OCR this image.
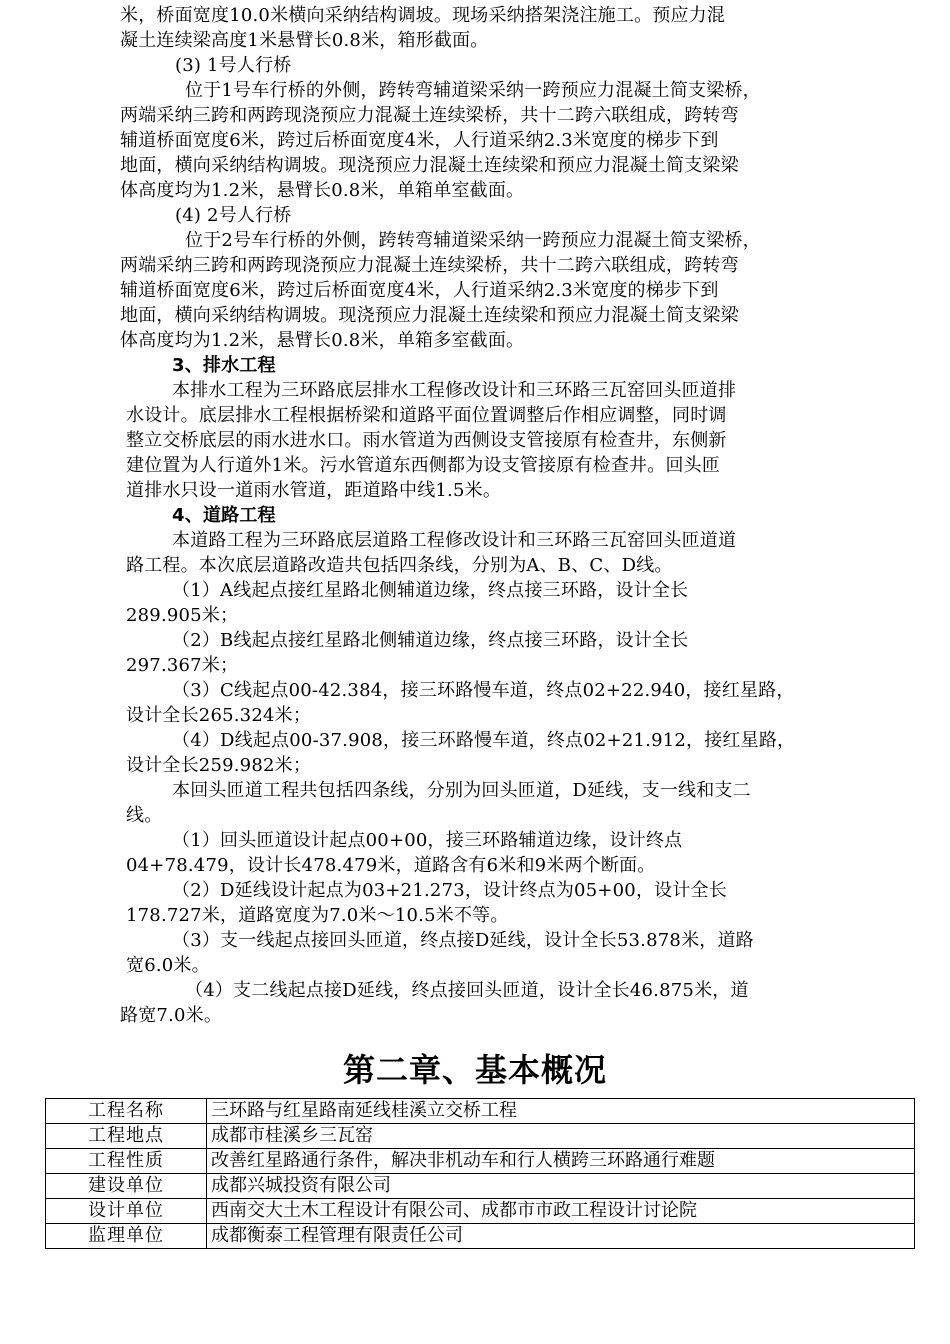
米，桥面宽度10.0米横向采纳结构调坡。现场采纳搭架浇注施工。预应力混
凝土连续梁高度1米悬臂长0.8米，箱形截面。
(3) 1号人行桥
位于1号车行桥的外侧，跨转弯辅道梁采纳一跨预应力混凝土简支梁桥，
两端采纳三跨和两跨现浇预应力混凝土连续梁桥，共十二跨六联组成，跨转弯
辅道桥面宽度6米，跨过后桥面宽度4米，人行道采纳2.3米宽度的梯步下到
地面，横向采纳结构调坡。现浇预应力混凝土连续梁和预应力混凝土简支梁梁
体高度均为1.2米，悬臂长0.8米，单箱单室截面。
(4) 2号人行桥
位于2号车行桥的外侧，跨转弯辅道梁采纳一跨预应力混凝土简支梁桥，
两端采纳三跨和两跨现浇预应力混凝土连续梁桥，共十二跨六联组成，跨转弯
辅道桥面宽度6米，跨过后桥面宽度4米，人行道采纳2.3米宽度的梯步下到
地面，横向采纳结构调坡。现浇预应力混凝土连续梁和预应力混凝土简支梁梁
体高度均为1.2米，悬臂长0.8米，单箱多室截面。
3、排水工程
本排水工程为三环路底层排水工程修改设计和三环路三瓦窑回头匝道排
水设计。底层排水工程根据桥梁和道路平面位置调整后作相应调整，同时调
整立交桥底层的雨水进水口。雨水管道为西侧设支管接原有检查井，东侧新
建位置为人行道外1米。污水管道东西侧都为设支管接原有检查井。回头匝
道排水只设一道雨水管道，距道路中线1.5米。
4、道路工程
本道路工程为三环路底层道路工程修改设计和三环路三瓦窑回头匝道道
路工程。本次底层道路改造共包括四条线，分别为A、B、C、D线。
（1）A线起点接红星路北侧辅道边缘，终点接三环路，设计全长
289.905米；
（2）B线起点接红星路北侧辅道边缘，终点接三环路，设计全长
297.367米；
（3）C线起点00-42.384，接三环路慢车道，终点02+22.940，接红星路，
设计全长265.324米；
（4）D线起点00-37.908，接三环路慢车道，终点02+21.912，接红星路，
设计全长259.982米；
本回头匝道工程共包括四条线，分别为回头匝道，D延线，支一线和支二
线。
（1）回头匝道设计起点00+00，接三环路辅道边缘，设计终点
04+78.479，设计长478.479米，道路含有6米和9米两个断面。
（2）D延线设计起点为03+21.273，设计终点为05+00，设计全长
178.727米，道路宽度为7.0米～10.5米不等。
（3）支一线起点接回头匝道，终点接D延线，设计全长53.878米，道路
宽6.0米。
（4）支二线起点接D延线，终点接回头匝道，设计全长46.875米，道
路宽7.0米。
第二章、基本概况
工程名称	三环路与红星路南延线桂溪立交桥工程
工程地点	成都市桂溪乡三瓦窑
工程性质	改善红星路通行条件，解决非机动车和行人横跨三环路通行难题
建设单位	成都兴城投资有限公司
设计单位	西南交大土木工程设计有限公司、成都市市政工程设计讨论院
监理单位	成都衡泰工程管理有限责任公司
